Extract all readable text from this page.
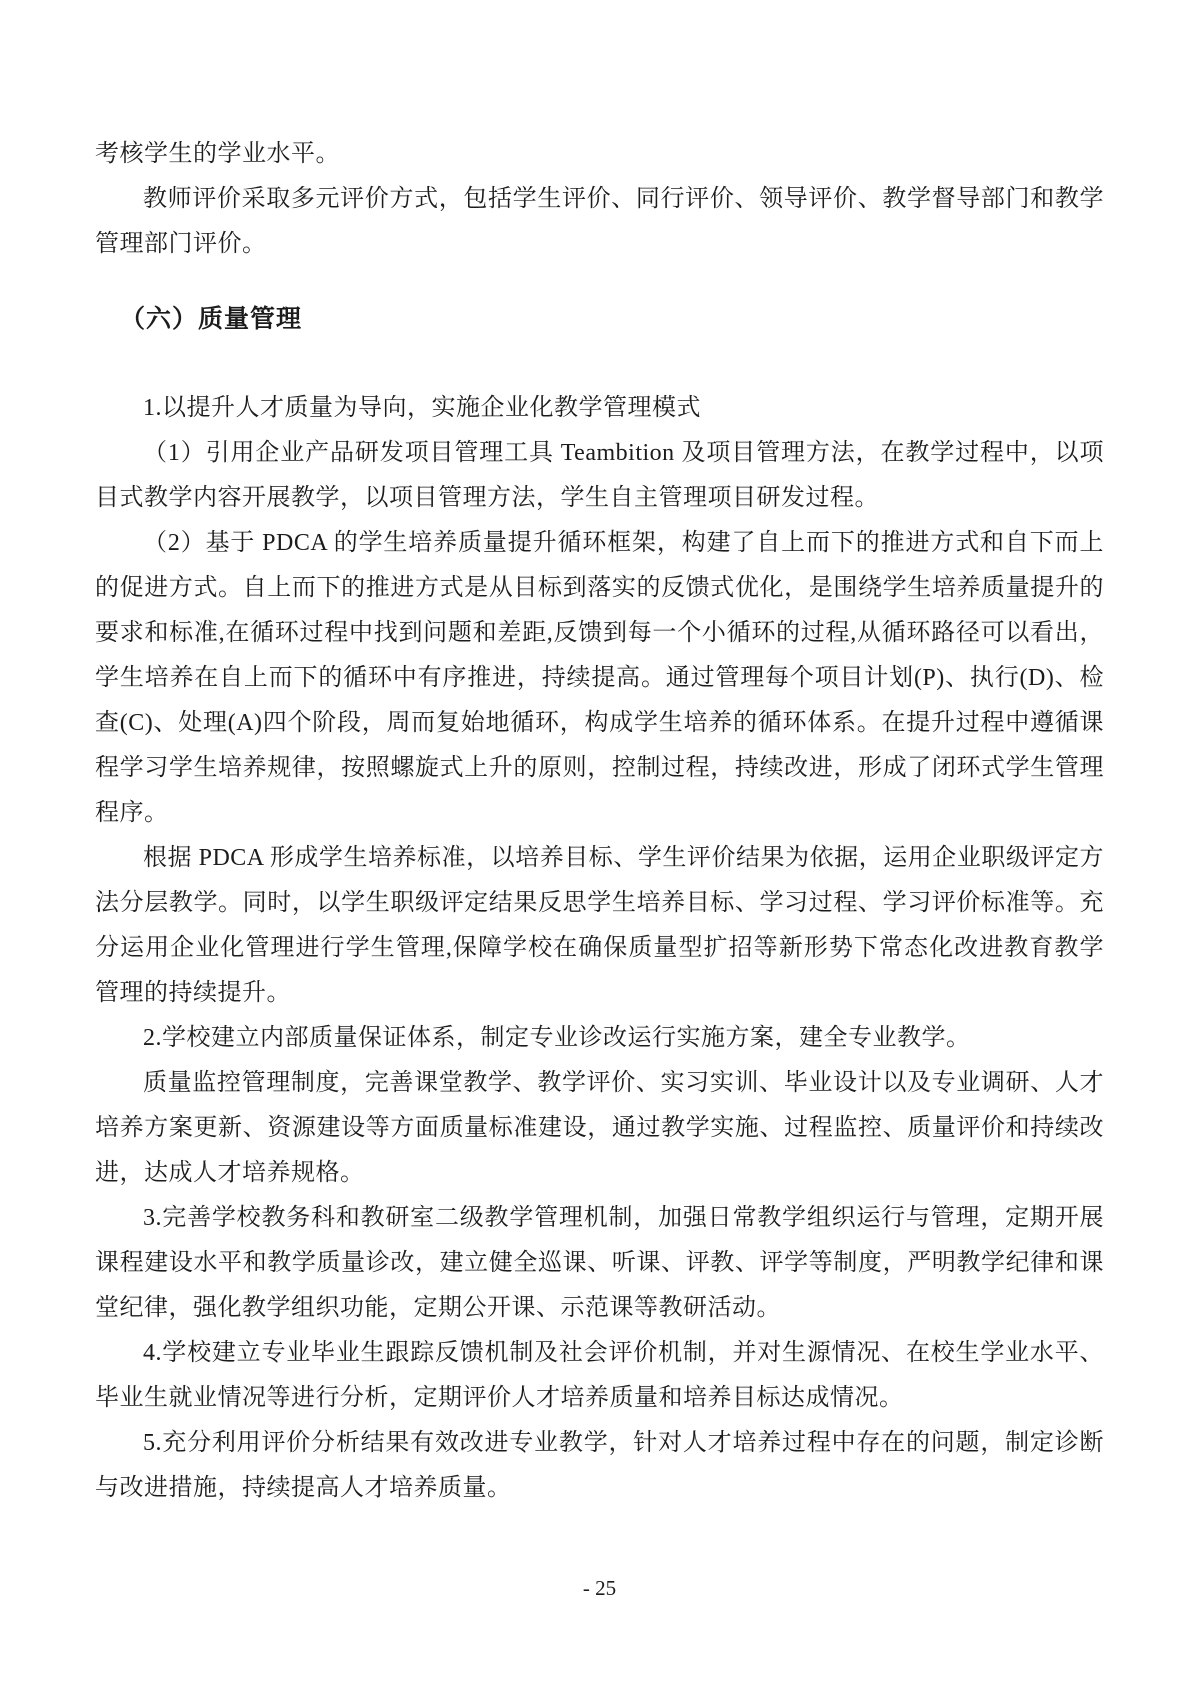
考核学生的学业水平。

教师评价采取多元评价方式，包括学生评价、同行评价、领导评价、教学督导部门和教学管理部门评价。

（六）质量管理

1.以提升人才质量为导向，实施企业化教学管理模式

（1）引用企业产品研发项目管理工具 Teambition 及项目管理方法，在教学过程中，以项目式教学内容开展教学，以项目管理方法，学生自主管理项目研发过程。

（2）基于 PDCA 的学生培养质量提升循环框架，构建了自上而下的推进方式和自下而上的促进方式。自上而下的推进方式是从目标到落实的反馈式优化，是围绕学生培养质量提升的要求和标准,在循环过程中找到问题和差距,反馈到每一个小循环的过程,从循环路径可以看出，学生培养在自上而下的循环中有序推进，持续提高。通过管理每个项目计划(P)、执行(D)、检查(C)、处理(A)四个阶段，周而复始地循环，构成学生培养的循环体系。在提升过程中遵循课程学习学生培养规律，按照螺旋式上升的原则，控制过程，持续改进，形成了闭环式学生管理程序。

根据 PDCA 形成学生培养标准，以培养目标、学生评价结果为依据，运用企业职级评定方法分层教学。同时，以学生职级评定结果反思学生培养目标、学习过程、学习评价标准等。充分运用企业化管理进行学生管理,保障学校在确保质量型扩招等新形势下常态化改进教育教学管理的持续提升。

2.学校建立内部质量保证体系，制定专业诊改运行实施方案，建全专业教学。

质量监控管理制度，完善课堂教学、教学评价、实习实训、毕业设计以及专业调研、人才培养方案更新、资源建设等方面质量标准建设，通过教学实施、过程监控、质量评价和持续改进，达成人才培养规格。

3.完善学校教务科和教研室二级教学管理机制，加强日常教学组织运行与管理，定期开展课程建设水平和教学质量诊改，建立健全巡课、听课、评教、评学等制度，严明教学纪律和课堂纪律，强化教学组织功能，定期公开课、示范课等教研活动。

4.学校建立专业毕业生跟踪反馈机制及社会评价机制，并对生源情况、在校生学业水平、毕业生就业情况等进行分析，定期评价人才培养质量和培养目标达成情况。

5.充分利用评价分析结果有效改进专业教学，针对人才培养过程中存在的问题，制定诊断与改进措施，持续提高人才培养质量。

- 25
